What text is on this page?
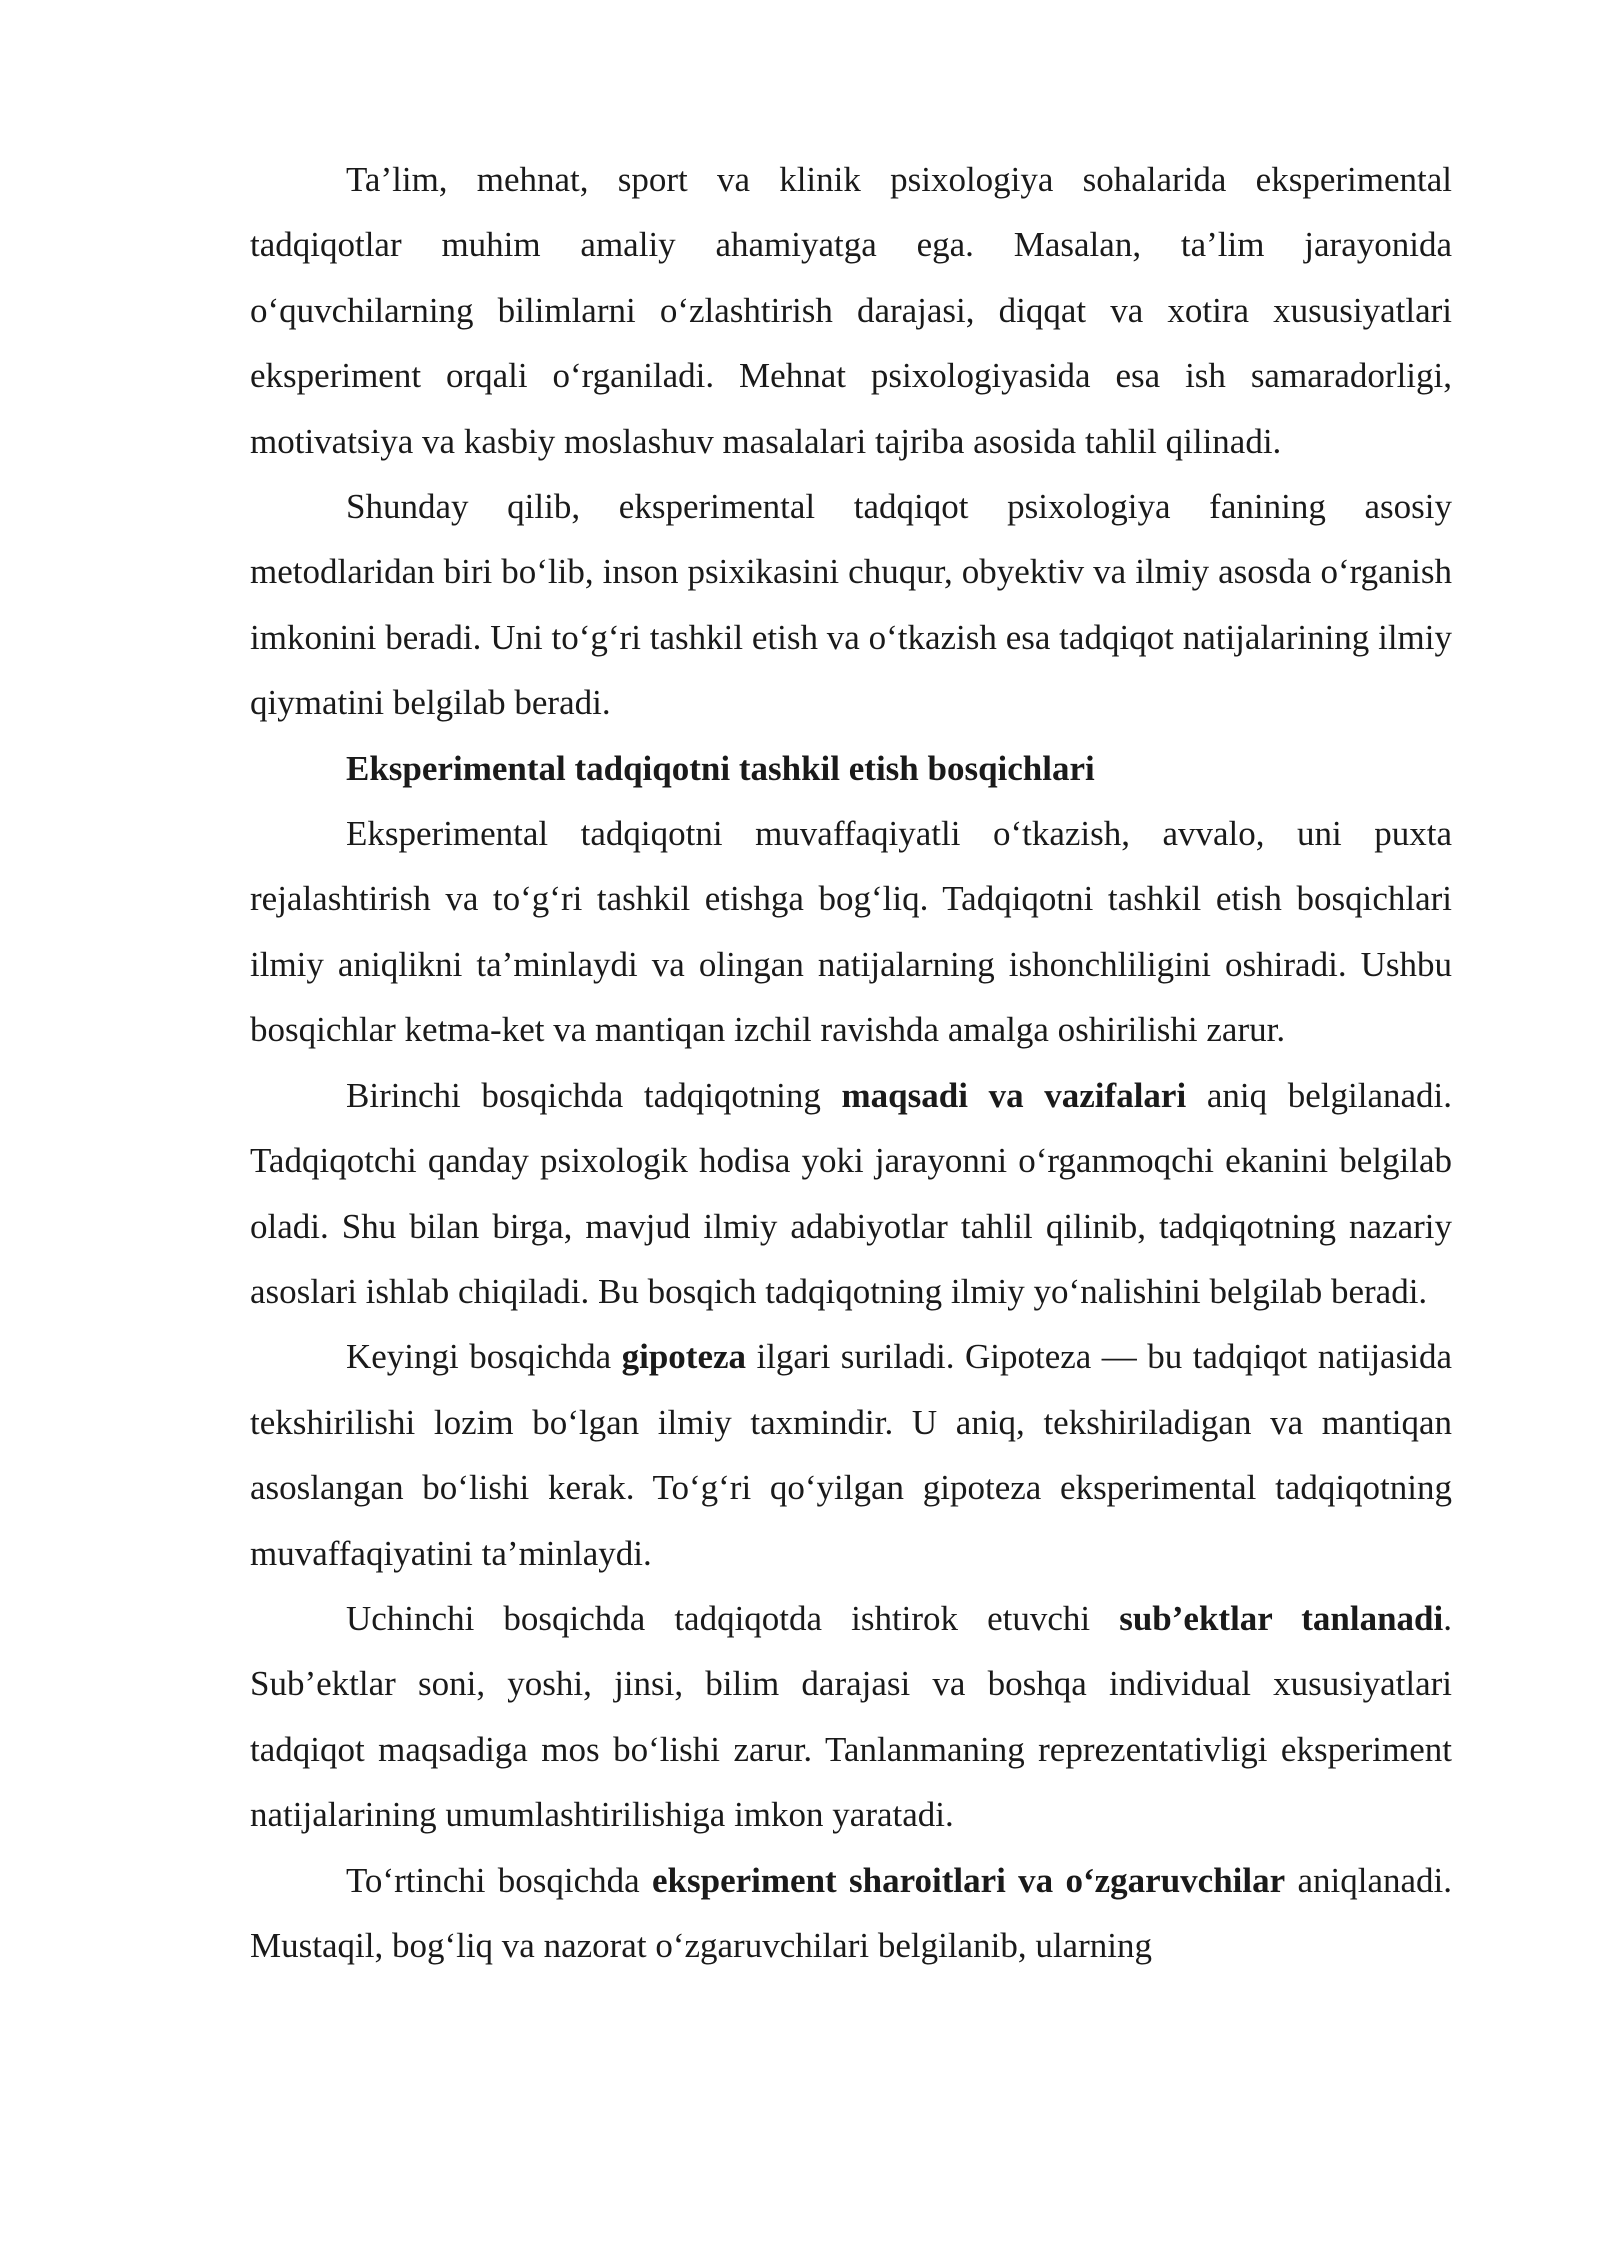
Ta’lim, mehnat, sport va klinik psixologiya sohalarida eksperimental tadqiqotlar muhim amaliy ahamiyatga ega. Masalan, ta’lim jarayonida o‘quvchilarning bilimlarni o‘zlashtirish darajasi, diqqat va xotira xususiyatlari eksperiment orqali o‘rganiladi. Mehnat psixologiyasida esa ish samaradorligi, motivatsiya va kasbiy moslashuv masalalari tajriba asosida tahlil qilinadi.

Shunday qilib, eksperimental tadqiqot psixologiya fanining asosiy metodlaridan biri bo‘lib, inson psixikasini chuqur, obyektiv va ilmiy asosda o‘rganish imkonini beradi. Uni to‘g‘ri tashkil etish va o‘tkazish esa tadqiqot natijalarining ilmiy qiymatini belgilab beradi.

Eksperimental tadqiqotni tashkil etish bosqichlari

Eksperimental tadqiqotni muvaffaqiyatli o‘tkazish, avvalo, uni puxta rejalashtirish va to‘g‘ri tashkil etishga bog‘liq. Tadqiqotni tashkil etish bosqichlari ilmiy aniqlikni ta’minlaydi va olingan natijalarning ishonchliligini oshiradi. Ushbu bosqichlar ketma-ket va mantiqan izchil ravishda amalga oshirilishi zarur.

Birinchi bosqichda tadqiqotning maqsadi va vazifalari aniq belgilanadi. Tadqiqotchi qanday psixologik hodisa yoki jarayonni o‘rganmoqchi ekanini belgilab oladi. Shu bilan birga, mavjud ilmiy adabiyotlar tahlil qilinib, tadqiqotning nazariy asoslari ishlab chiqiladi. Bu bosqich tadqiqotning ilmiy yo‘nalishini belgilab beradi.

Keyingi bosqichda gipoteza ilgari suriladi. Gipoteza — bu tadqiqot natijasida tekshirilishi lozim bo‘lgan ilmiy taxmindir. U aniq, tekshiriladigan va mantiqan asoslangan bo‘lishi kerak. To‘g‘ri qo‘yilgan gipoteza eksperimental tadqiqotning muvaffaqiyatini ta’minlaydi.

Uchinchi bosqichda tadqiqotda ishtirok etuvchi sub’ektlar tanlanadi. Sub’ektlar soni, yoshi, jinsi, bilim darajasi va boshqa individual xususiyatlari tadqiqot maqsadiga mos bo‘lishi zarur. Tanlanmaning reprezentativligi eksperiment natijalarining umumlashtirilishiga imkon yaratadi.

To‘rtinchi bosqichda eksperiment sharoitlari va o‘zgaruvchilar aniqlanadi. Mustaqil, bog‘liq va nazorat o‘zgaruvchilari belgilanib, ularning
